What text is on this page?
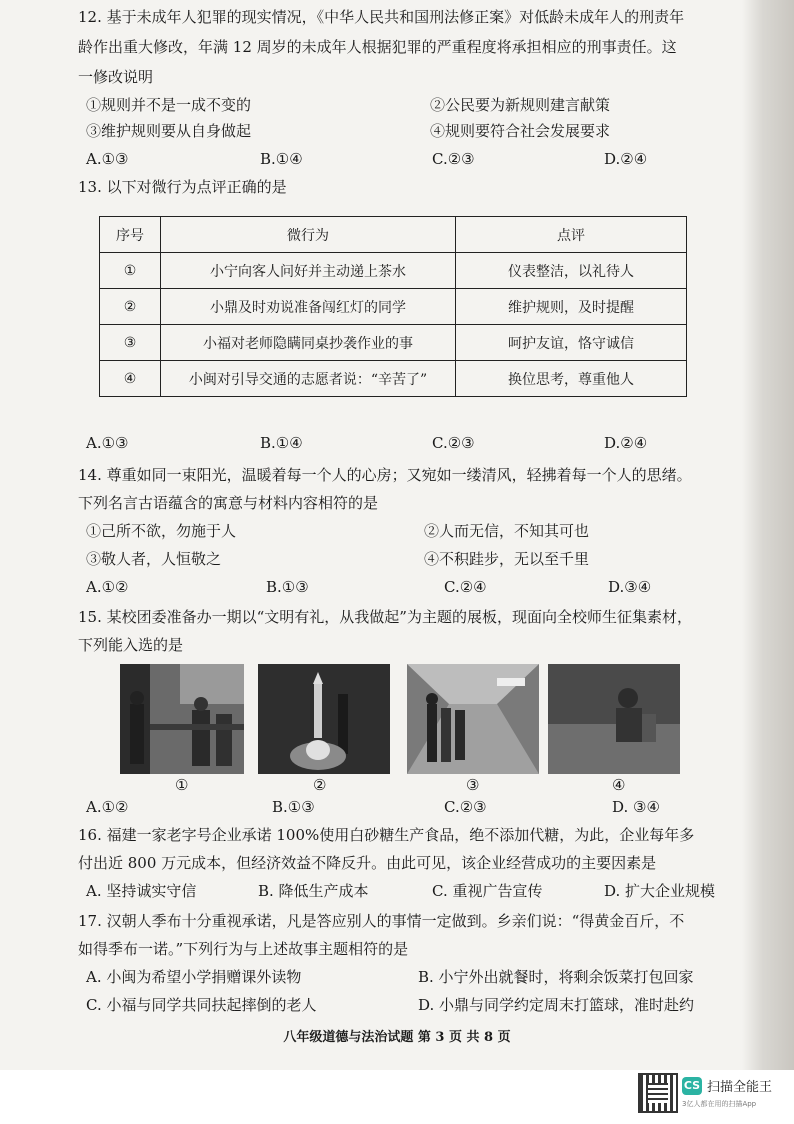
12. 基于未成年人犯罪的现实情况，《中华人民共和国刑法修正案》对低龄未成年人的刑责年
龄作出重大修改，年满 12 周岁的未成年人根据犯罪的严重程度将承担相应的刑事责任。这
一修改说明
①规则并不是一成不变的	②公民要为新规则建言献策
③维护规则要从自身做起	④规则要符合社会发展要求
A.①③	B.①④	C.②③	D.②④
13. 以下对微行为点评正确的是
序号	微行为	点评
①	小宁向客人问好并主动递上茶水	仪表整洁，以礼待人
②	小鼎及时劝说准备闯红灯的同学	维护规则，及时提醒
③	小福对老师隐瞒同桌抄袭作业的事	呵护友谊，恪守诚信
④	小闽对引导交通的志愿者说：“辛苦了”	换位思考，尊重他人
A.①③	B.①④	C.②③	D.②④
14. 尊重如同一束阳光，温暖着每一个人的心房；又宛如一缕清风，轻拂着每一个人的思绪。
下列名言古语蕴含的寓意与材料内容相符的是
①己所不欲，勿施于人	②人而无信，不知其可也
③敬人者，人恒敬之	④不积跬步，无以至千里
A.①②	B.①③	C.②④	D.③④
15. 某校团委准备办一期以“文明有礼，从我做起”为主题的展板，现面向全校师生征集素材，
下列能入选的是
①	②	③	④
A.①②	B.①③	C.②③	D. ③④
16. 福建一家老字号企业承诺 100%使用白砂糖生产食品，绝不添加代糖，为此，企业每年多
付出近 800 万元成本，但经济效益不降反升。由此可见，该企业经营成功的主要因素是
A. 坚持诚实守信	B. 降低生产成本	C. 重视广告宣传	D. 扩大企业规模
17. 汉朝人季布十分重视承诺，凡是答应别人的事情一定做到。乡亲们说：“得黄金百斤，不
如得季布一诺。”下列行为与上述故事主题相符的是
A. 小闽为希望小学捐赠课外读物	B. 小宁外出就餐时，将剩余饭菜打包回家
C. 小福与同学共同扶起摔倒的老人	D. 小鼎与同学约定周末打篮球，准时赴约
八年级道德与法治试题 第 3 页 共 8 页
CS 扫描全能王
3亿人都在用的扫描App
